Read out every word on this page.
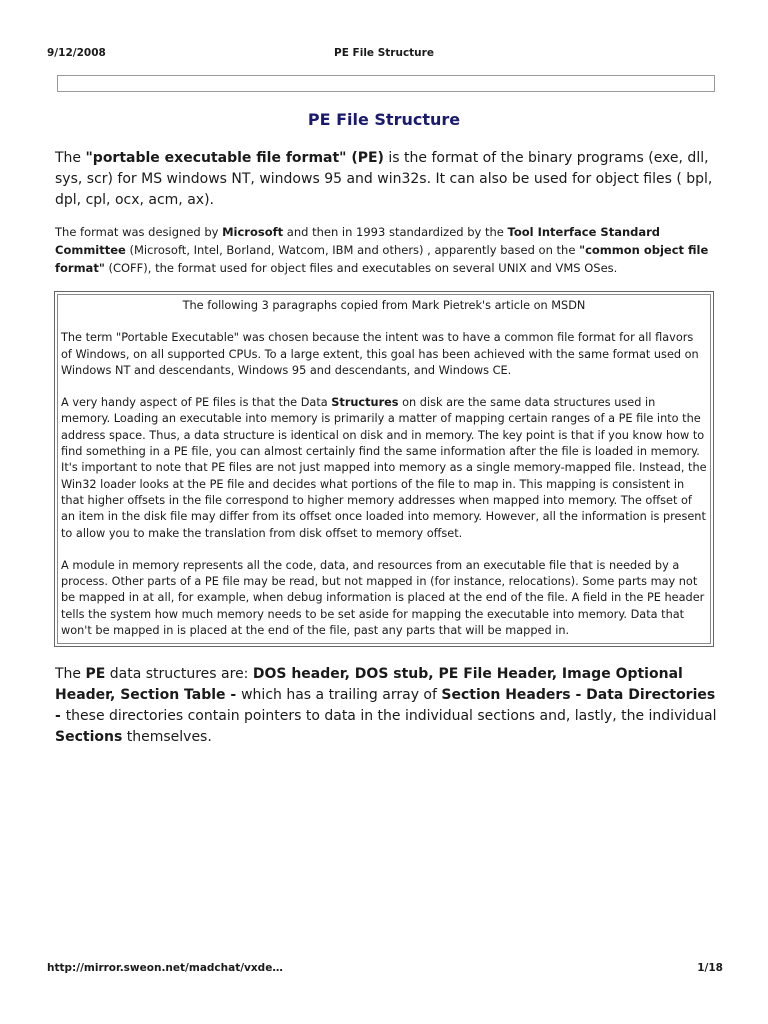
9/12/2008	PE File Structure
PE File Structure
The "portable executable file format" (PE) is the format of the binary programs (exe, dll, sys, scr) for MS windows NT, windows 95 and win32s. It can also be used for object files ( bpl, dpl, cpl, ocx, acm, ax).
The format was designed by Microsoft and then in 1993 standardized by the Tool Interface Standard Committee (Microsoft, Intel, Borland, Watcom, IBM and others) , apparently based on the "common object file format" (COFF), the format used for object files and executables on several UNIX and VMS OSes.
The following 3 paragraphs copied from Mark Pietrek's article on MSDN

The term "Portable Executable" was chosen because the intent was to have a common file format for all flavors of Windows, on all supported CPUs. To a large extent, this goal has been achieved with the same format used on Windows NT and descendants, Windows 95 and descendants, and Windows CE.

A very handy aspect of PE files is that the Data Structures on disk are the same data structures used in memory. Loading an executable into memory is primarily a matter of mapping certain ranges of a PE file into the address space. Thus, a data structure is identical on disk and in memory. The key point is that if you know how to find something in a PE file, you can almost certainly find the same information after the file is loaded in memory. It's important to note that PE files are not just mapped into memory as a single memory-mapped file. Instead, the Win32 loader looks at the PE file and decides what portions of the file to map in. This mapping is consistent in that higher offsets in the file correspond to higher memory addresses when mapped into memory. The offset of an item in the disk file may differ from its offset once loaded into memory. However, all the information is present to allow you to make the translation from disk offset to memory offset.

A module in memory represents all the code, data, and resources from an executable file that is needed by a process. Other parts of a PE file may be read, but not mapped in (for instance, relocations). Some parts may not be mapped in at all, for example, when debug information is placed at the end of the file. A field in the PE header tells the system how much memory needs to be set aside for mapping the executable into memory. Data that won't be mapped in is placed at the end of the file, past any parts that will be mapped in.

The PE data structures are: DOS header, DOS stub, PE File Header, Image Optional Header, Section Table - which has a trailing array of Section Headers - Data Directories - these directories contain pointers to data in the individual sections and, lastly, the individual Sections themselves.
http://mirror.sweon.net/madchat/vxde…	1/18
